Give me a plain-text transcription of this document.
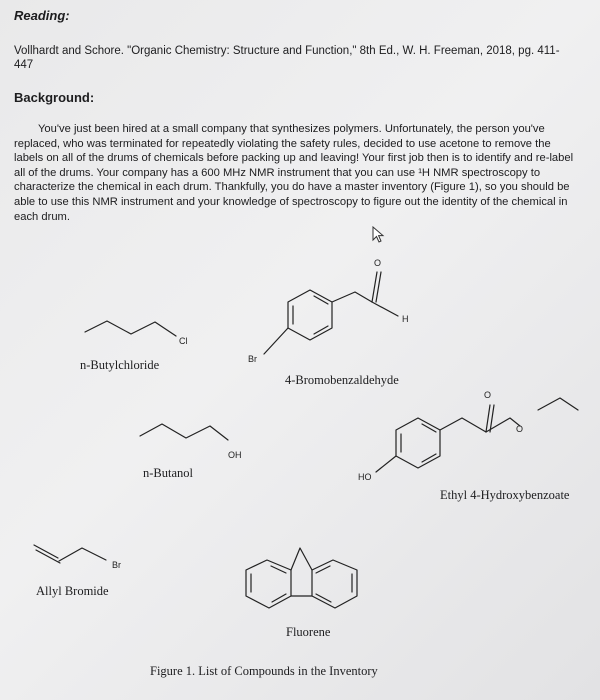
Reading:
Vollhardt and Schore. "Organic Chemistry: Structure and Function," 8th Ed., W. H. Freeman, 2018, pg. 411-
447
Background:
You've just been hired at a small company that synthesizes polymers. Unfortunately, the person you've replaced, who was terminated for repeatedly violating the safety rules, decided to use acetone to remove the labels on all of the drums of chemicals before packing up and leaving! Your first job then is to identify and re-label all of the drums. Your company has a 600 MHz NMR instrument that you can use ¹H NMR spectroscopy to characterize the chemical in each drum. Thankfully, you do have a master inventory (Figure 1), so you should be able to use this NMR instrument and your knowledge of spectroscopy to figure out the identity of the chemical in each drum.
Cl
O
H
Br
OH
O
O
HO
Br
n-Butylchloride
4-Bromobenzaldehyde
n-Butanol
Ethyl 4-Hydroxybenzoate
Allyl Bromide
Fluorene
Figure 1. List of Compounds in the Inventory
